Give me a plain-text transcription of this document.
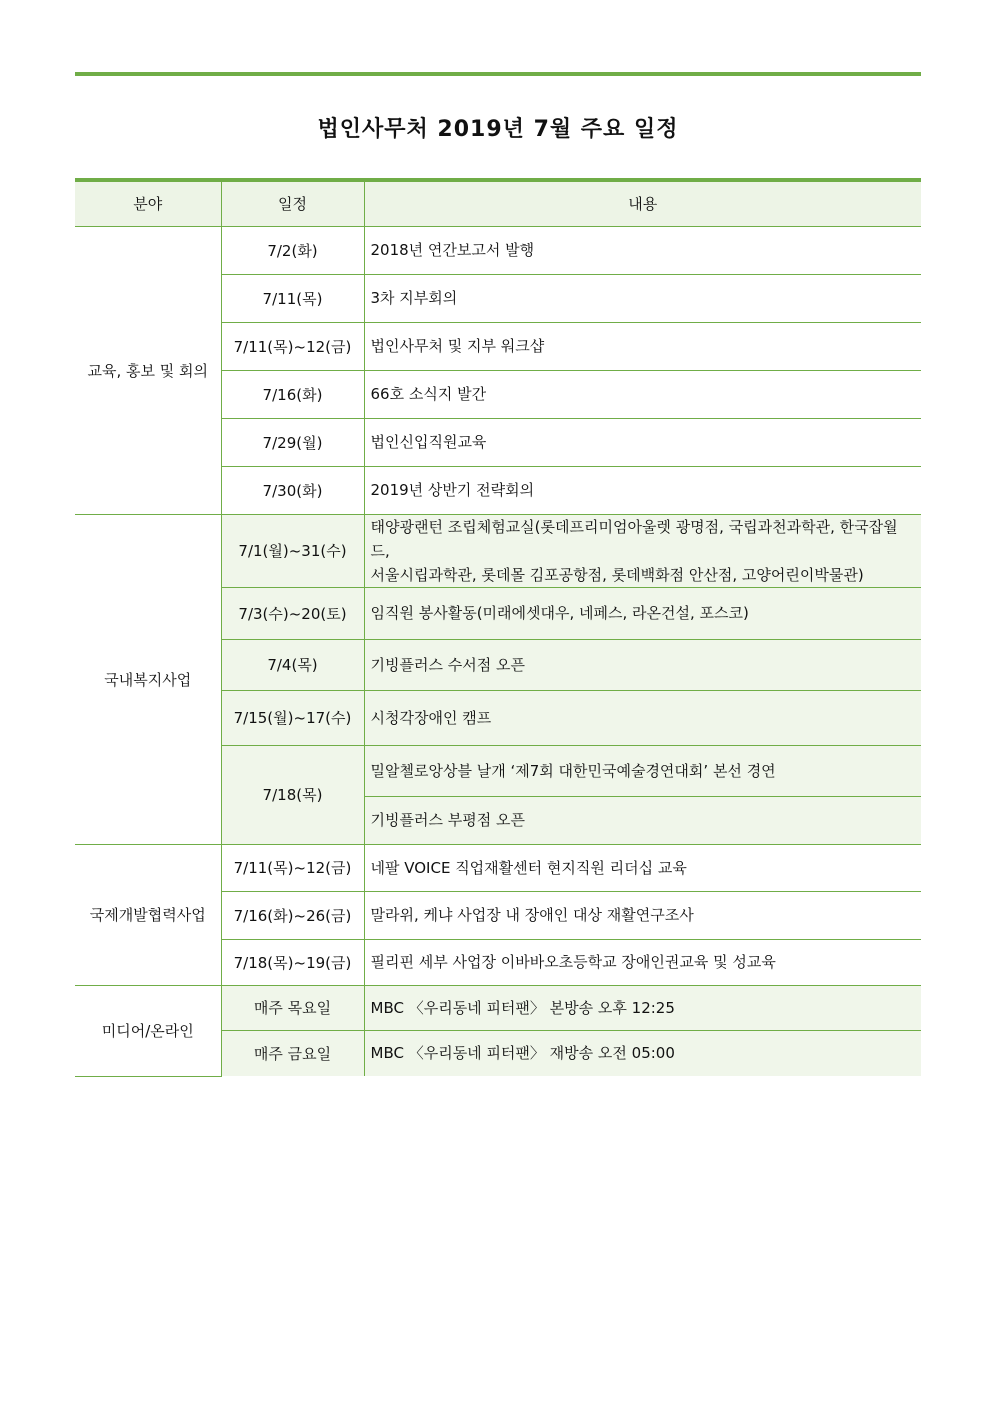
법인사무처 2019년 7월 주요 일정
분야	일정	내용
교육, 홍보 및 회의	7/2(화)	2018년 연간보고서 발행

	7/11(목)	3차 지부회의

	7/11(목)~12(금)	법인사무처 및 지부 워크샵

	7/16(화)	66호 소식지 발간

	7/29(월)	법인신입직원교육

	7/30(화)	2019년 상반기 전략회의

국내복지사업	7/1(월)~31(수)	태양광랜턴 조립체험교실(롯데프리미엄아울렛 광명점, 국립과천과학관, 한국잡월드,
서울시립과학관, 롯데몰 김포공항점, 롯데백화점 안산점, 고양어린이박물관)

	7/3(수)~20(토)	임직원 봉사활동(미래에셋대우, 네페스, 라온건설, 포스코)

	7/4(목)	기빙플러스 수서점 오픈

	7/15(월)~17(수)	시청각장애인 캠프

	7/18(목)	밀알첼로앙상블 날개 ‘제7회 대한민국예술경연대회’ 본선 경연

		기빙플러스 부평점 오픈

국제개발협력사업	7/11(목)~12(금)	네팔 VOICE 직업재활센터 현지직원 리더십 교육

	7/16(화)~26(금)	말라위, 케냐 사업장 내 장애인 대상 재활연구조사

	7/18(목)~19(금)	필리핀 세부 사업장 이바바오초등학교 장애인권교육 및 성교육

미디어/온라인	매주 목요일	MBC 〈우리동네 피터팬〉 본방송 오후 12:25

	매주 금요일	MBC 〈우리동네 피터팬〉 재방송 오전 05:00
